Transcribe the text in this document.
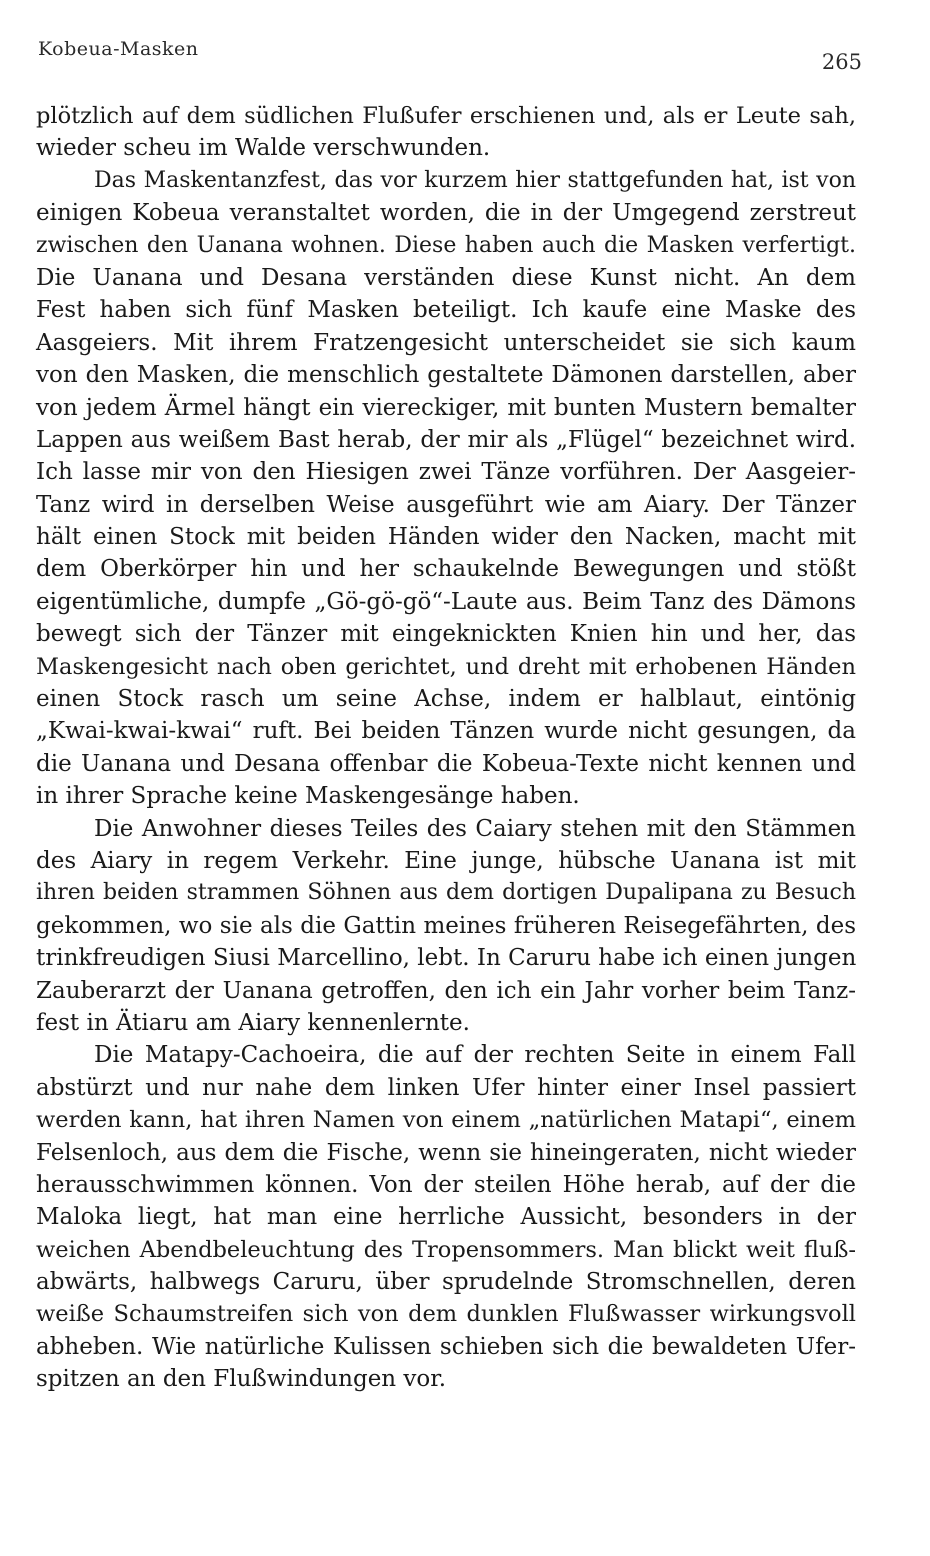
Kobeua-Masken
265
plötzlich auf dem südlichen Flußufer erschienen und, als er Leute sah,
wieder scheu im Walde verschwunden.
Das Maskentanzfest, das vor kurzem hier stattgefunden hat, ist von
einigen Kobeua veranstaltet worden, die in der Umgegend zerstreut
zwischen den Uanana wohnen. Diese haben auch die Masken verfertigt.
Die Uanana und Desana verständen diese Kunst nicht. An dem
Fest haben sich fünf Masken beteiligt. Ich kaufe eine Maske des
Aasgeiers. Mit ihrem Fratzengesicht unterscheidet sie sich kaum
von den Masken, die menschlich gestaltete Dämonen darstellen, aber
von jedem Ärmel hängt ein viereckiger, mit bunten Mustern bemalter
Lappen aus weißem Bast herab, der mir als „Flügel“ bezeichnet wird.
Ich lasse mir von den Hiesigen zwei Tänze vorführen. Der Aasgeier-
Tanz wird in derselben Weise ausgeführt wie am Aiary. Der Tänzer
hält einen Stock mit beiden Händen wider den Nacken, macht mit
dem Oberkörper hin und her schaukelnde Bewegungen und stößt
eigentümliche, dumpfe „Gö-gö-gö“-Laute aus. Beim Tanz des Dämons
bewegt sich der Tänzer mit eingeknickten Knien hin und her, das
Maskengesicht nach oben gerichtet, und dreht mit erhobenen Händen
einen Stock rasch um seine Achse, indem er halblaut, eintönig
„Kwai-kwai-kwai“ ruft. Bei beiden Tänzen wurde nicht gesungen, da
die Uanana und Desana offenbar die Kobeua-Texte nicht kennen und
in ihrer Sprache keine Maskengesänge haben.
Die Anwohner dieses Teiles des Caiary stehen mit den Stämmen
des Aiary in regem Verkehr. Eine junge, hübsche Uanana ist mit
ihren beiden strammen Söhnen aus dem dortigen Dupalipana zu Besuch
gekommen, wo sie als die Gattin meines früheren Reisegefährten, des
trinkfreudigen Siusi Marcellino, lebt. In Caruru habe ich einen jungen
Zauberarzt der Uanana getroffen, den ich ein Jahr vorher beim Tanz-
fest in Ätiaru am Aiary kennenlernte.
Die Matapy-Cachoeira, die auf der rechten Seite in einem Fall
abstürzt und nur nahe dem linken Ufer hinter einer Insel passiert
werden kann, hat ihren Namen von einem „natürlichen Matapi“, einem
Felsenloch, aus dem die Fische, wenn sie hineingeraten, nicht wieder
herausschwimmen können. Von der steilen Höhe herab, auf der die
Maloka liegt, hat man eine herrliche Aussicht, besonders in der
weichen Abendbeleuchtung des Tropensommers. Man blickt weit fluß-
abwärts, halbwegs Caruru, über sprudelnde Stromschnellen, deren
weiße Schaumstreifen sich von dem dunklen Flußwasser wirkungsvoll
abheben. Wie natürliche Kulissen schieben sich die bewaldeten Ufer-
spitzen an den Flußwindungen vor.
